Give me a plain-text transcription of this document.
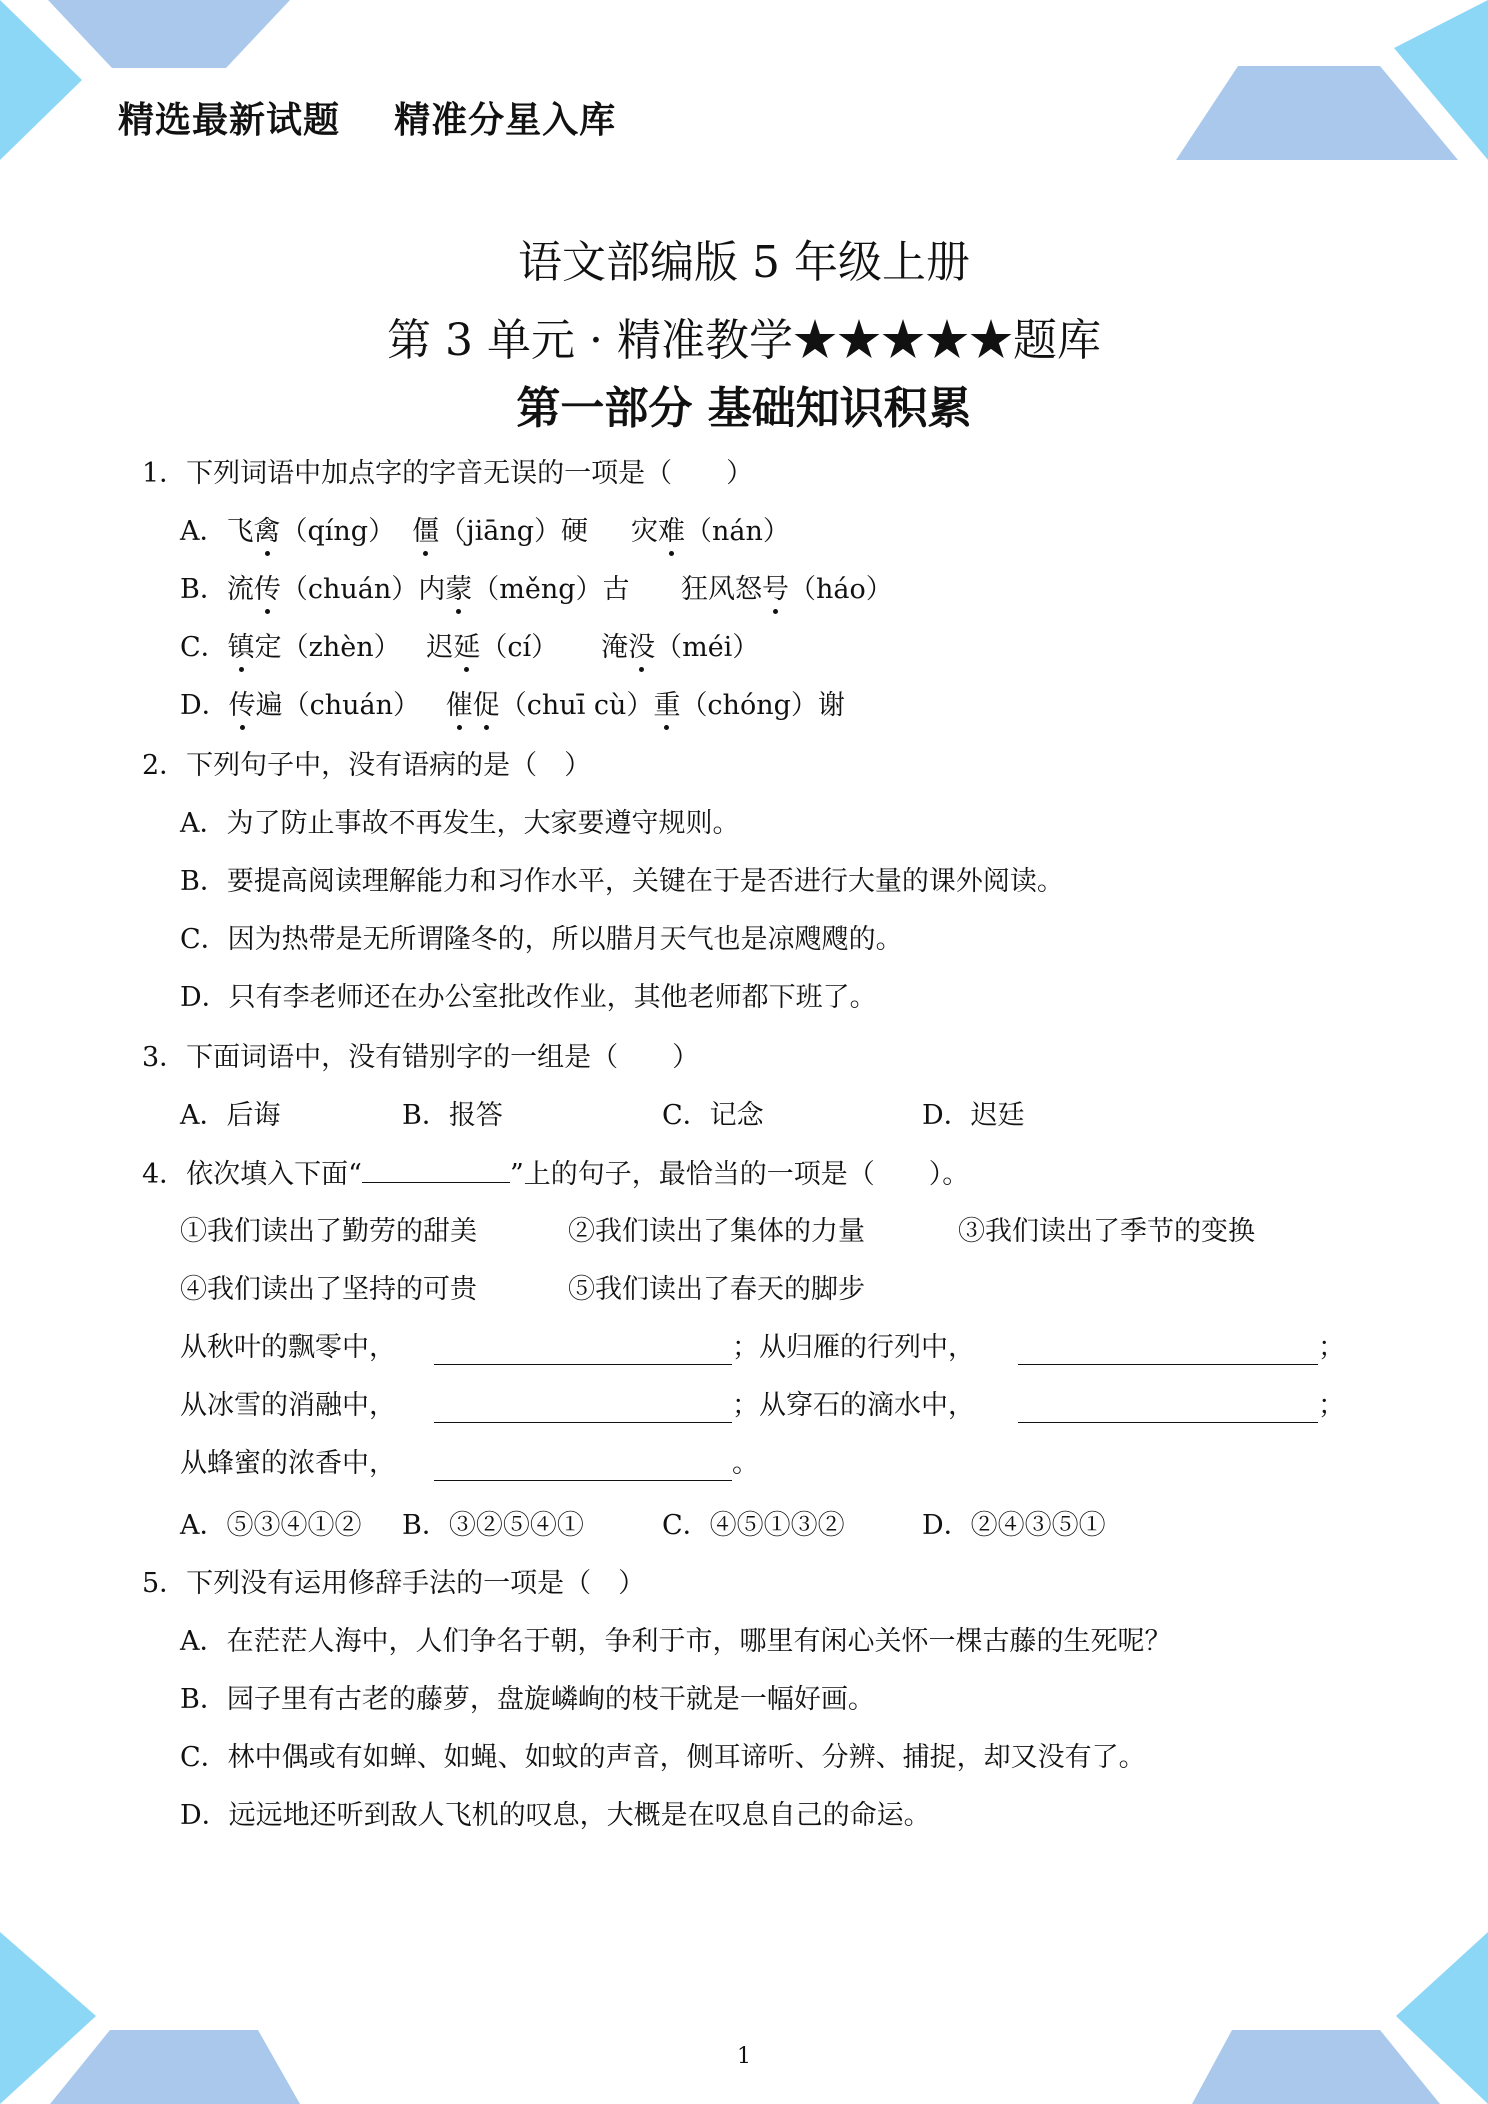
精选最新试题    精准分星入库
语文部编版 5 年级上册
第 3 单元 · 精准教学★★★★★题库
第一部分 基础知识积累
1．下列词语中加点字的字音无误的一项是（　　）
A．飞禽（qíng） 僵（jiāng）硬 灾难（nán）
B．流传（chuán）内蒙（měng）古 狂风怒号（háo）
C．镇定（zhèn） 迟延（cí） 淹没（méi）
D．传遍（chuán） 催促（chuī cù）重（chóng）谢
2．下列句子中，没有语病的是（　）
A．为了防止事故不再发生，大家要遵守规则。
B．要提高阅读理解能力和习作水平，关键在于是否进行大量的课外阅读。
C．因为热带是无所谓隆冬的，所以腊月天气也是凉飕飕的。
D．只有李老师还在办公室批改作业，其他老师都下班了。
3．下面词语中，没有错别字的一组是（　　）
A．后诲	B．报答	C．记念	D．迟廷
4．依次填入下面“	”上的句子，最恰当的一项是（　　）。
①我们读出了勤劳的甜美	②我们读出了集体的力量	③我们读出了季节的变换
④我们读出了坚持的可贵	⑤我们读出了春天的脚步
从秋叶的飘零中，	；从归雁的行列中，	；
从冰雪的消融中，	；从穿石的滴水中，	；
从蜂蜜的浓香中，	。
A．⑤③④①② B．③②⑤④①	C．④⑤①③②	D．②④③⑤①
5．下列没有运用修辞手法的一项是（　）
A．在茫茫人海中，人们争名于朝，争利于市，哪里有闲心关怀一棵古藤的生死呢？
B．园子里有古老的藤萝，盘旋嶙峋的枝干就是一幅好画。
C．林中偶或有如蝉、如蝇、如蚊的声音，侧耳谛听、分辨、捕捉，却又没有了。
D．远远地还听到敌人飞机的叹息，大概是在叹息自己的命运。
1
